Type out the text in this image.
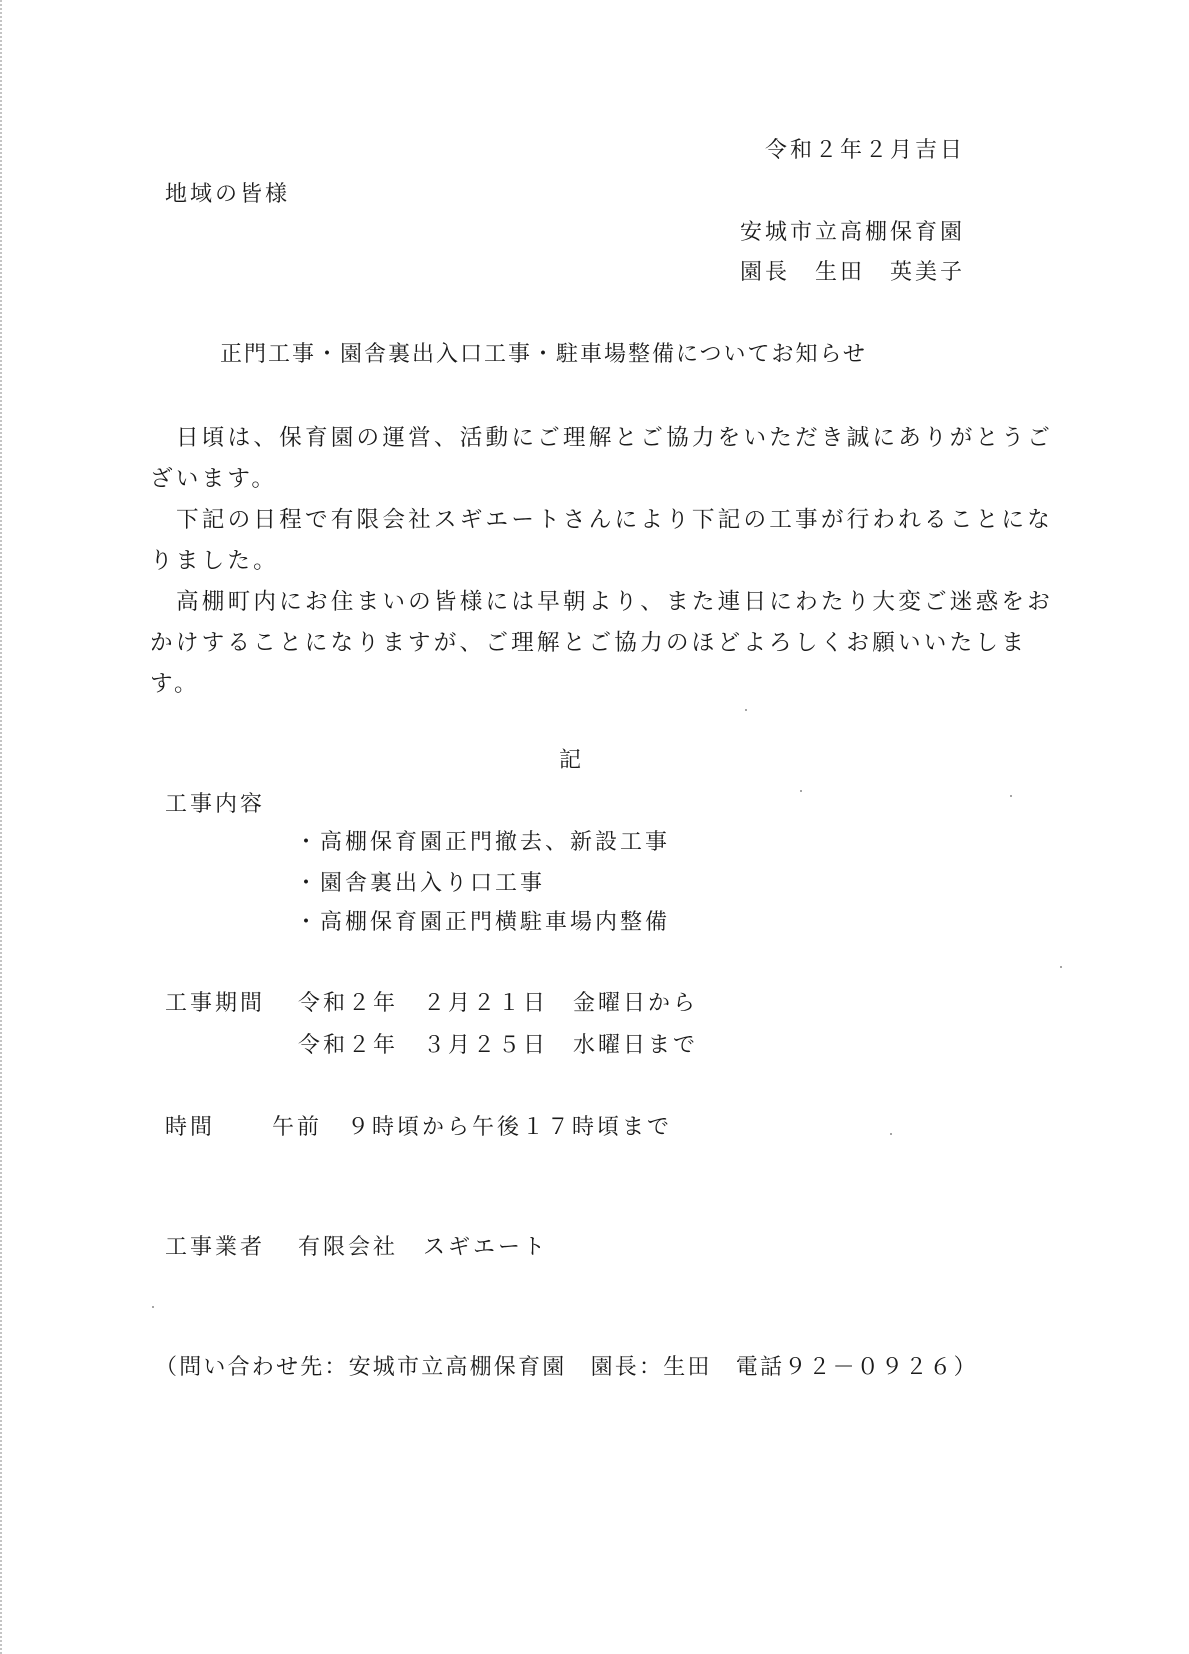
令和２年２月吉日
地域の皆様
安城市立高棚保育園
園長　生田　英美子
正門工事・園舎裏出入口工事・駐車場整備についてお知らせ

日頃は、保育園の運営、活動にご理解とご協力をいただき誠にありがとうございます。

下記の日程で有限会社スギエートさんにより下記の工事が行われることになりました。

高棚町内にお住まいの皆様には早朝より、また連日にわたり大変ご迷惑をおかけすることになりますが、ご理解とご協力のほどよろしくお願いいたします。

記
工事内容
・高棚保育園正門撤去、新設工事
・園舎裏出入り口工事
・高棚保育園正門横駐車場内整備
工事期間 令和２年　２月２１日　金曜日から
令和２年　３月２５日　水曜日まで
時間	午前　９時頃から午後１７時頃まで
工事業者 有限会社　スギエート
（問い合わせ先：安城市立高棚保育園　園長：生田　電話９２－０９２６）
